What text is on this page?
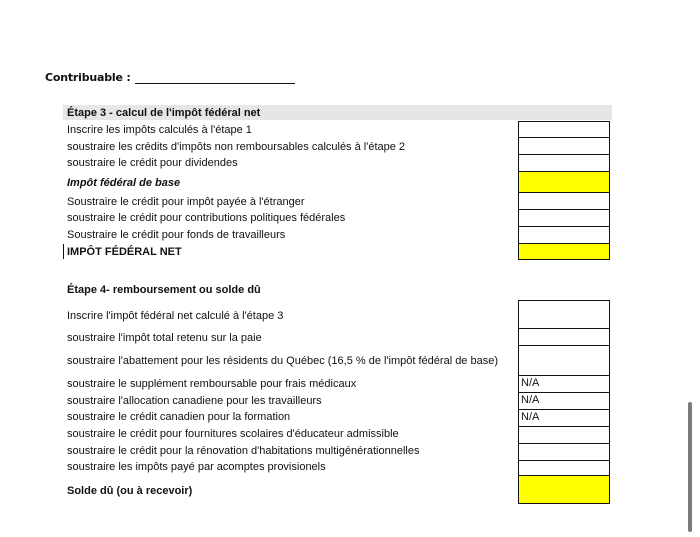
Contribuable :
Étape 3 - calcul de l'impôt fédéral net
Inscrire les impôts calculés à l'étape 1
soustraire les crédits d'impôts non remboursables calculés à l'étape 2
soustraire le crédit pour dividendes
Impôt fédéral de base
Soustraire le crédit pour impôt payée à l'étranger
soustraire le crédit pour contributions politiques fédérales
Soustraire le crédit pour fonds de travailleurs
IMPÔT FÉDÉRAL NET
Étape 4- remboursement ou solde dû
Inscrire l'impôt fédéral net calculé à l'étape 3
soustraire l'impôt total retenu sur la paie
soustraire l'abattement pour les résidents du Québec (16,5 % de l'impôt fédéral de base)
soustraire le supplément remboursable pour frais médicaux
soustraire l'allocation canadiene pour les travailleurs
soustraire le crédit canadien pour la formation
soustraire le crédit pour fournitures scolaires d'éducateur admissible
soustraire le crédit pour la rénovation d'habitations multigénérationnelles
soustraire les impôts payé par acomptes provisionels
Solde dû (ou à recevoir)
N/A
N/A
N/A
